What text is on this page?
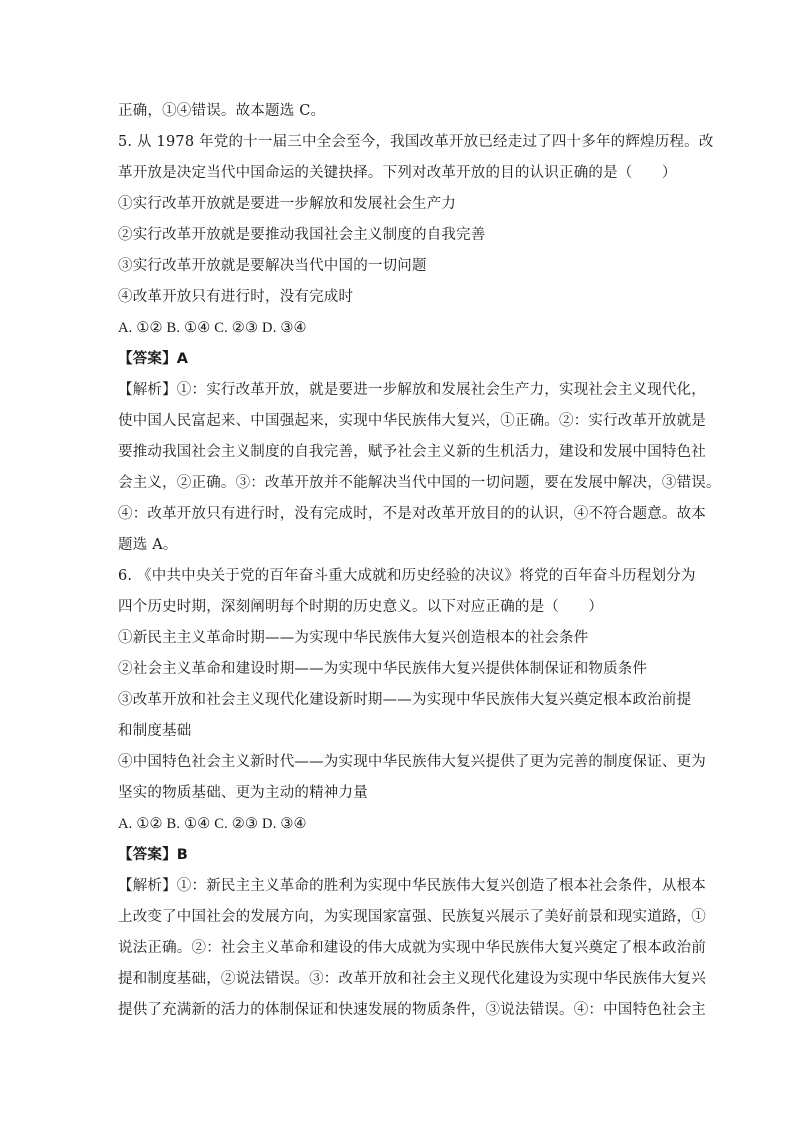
正确，①④错误。故本题选 C。
5. 从 1978 年党的十一届三中全会至今，我国改革开放已经走过了四十多年的辉煌历程。改
革开放是决定当代中国命运的关键抉择。下列对改革开放的目的认识正确的是（　　）
①实行改革开放就是要进一步解放和发展社会生产力
②实行改革开放就是要推动我国社会主义制度的自我完善
③实行改革开放就是要解决当代中国的一切问题
④改革开放只有进行时，没有完成时
A. ①② B. ①④ C. ②③ D. ③④
【答案】A
【解析】①：实行改革开放，就是要进一步解放和发展社会生产力，实现社会主义现代化，
使中国人民富起来、中国强起来，实现中华民族伟大复兴，①正确。②：实行改革开放就是
要推动我国社会主义制度的自我完善，赋予社会主义新的生机活力，建设和发展中国特色社
会主义，②正确。③：改革开放并不能解决当代中国的一切问题，要在发展中解决，③错误。
④：改革开放只有进行时，没有完成时，不是对改革开放目的的认识，④不符合题意。故本
题选 A。
6. 《中共中央关于党的百年奋斗重大成就和历史经验的决议》将党的百年奋斗历程划分为
四个历史时期，深刻阐明每个时期的历史意义。以下对应正确的是（　　）
①新民主主义革命时期——为实现中华民族伟大复兴创造根本的社会条件
②社会主义革命和建设时期——为实现中华民族伟大复兴提供体制保证和物质条件
③改革开放和社会主义现代化建设新时期——为实现中华民族伟大复兴奠定根本政治前提
和制度基础
④中国特色社会主义新时代——为实现中华民族伟大复兴提供了更为完善的制度保证、更为
坚实的物质基础、更为主动的精神力量
A. ①② B. ①④ C. ②③ D. ③④
【答案】B
【解析】①：新民主主义革命的胜利为实现中华民族伟大复兴创造了根本社会条件，从根本
上改变了中国社会的发展方向，为实现国家富强、民族复兴展示了美好前景和现实道路，①
说法正确。②：社会主义革命和建设的伟大成就为实现中华民族伟大复兴奠定了根本政治前
提和制度基础，②说法错误。③：改革开放和社会主义现代化建设为实现中华民族伟大复兴
提供了充满新的活力的体制保证和快速发展的物质条件，③说法错误。④：中国特色社会主
